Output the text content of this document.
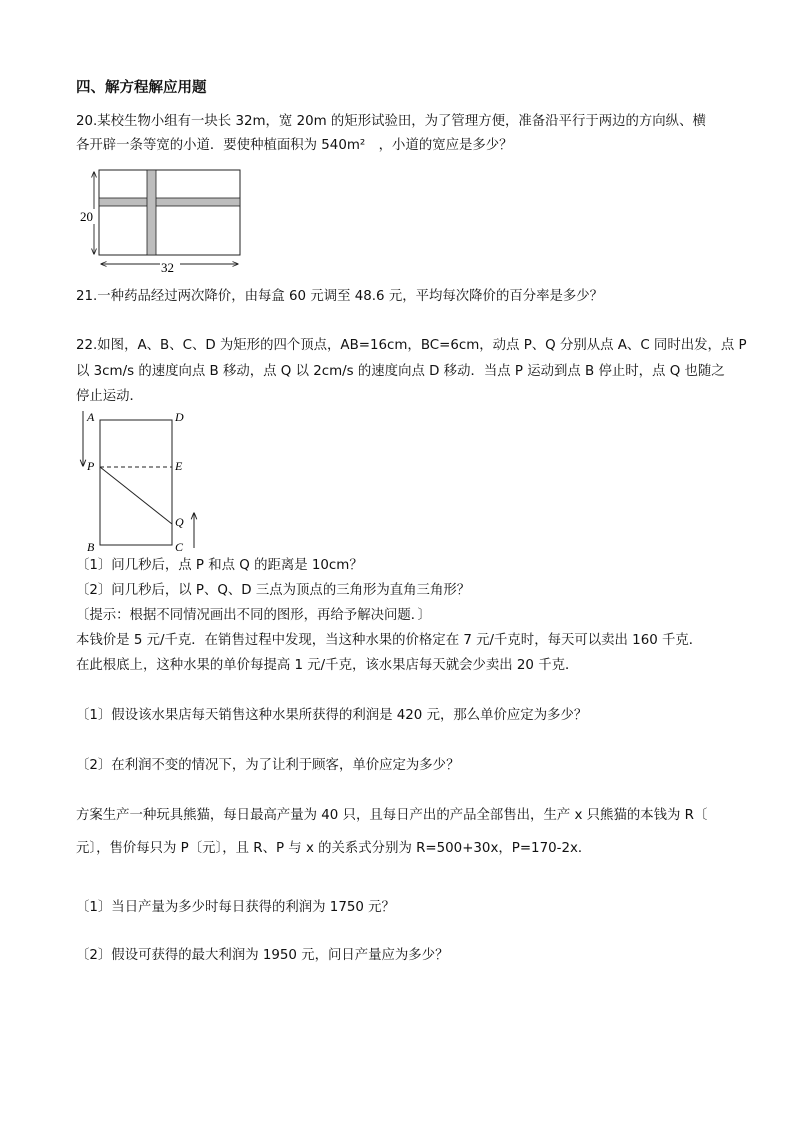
四、解方程解应用题
20.某校生物小组有一块长 32m，宽 20m 的矩形试验田，为了管理方便，准备沿平行于两边的方向纵、横
各开辟一条等宽的小道．要使种植面积为 540m²　，小道的宽应是多少？
20
32
21.一种药品经过两次降价，由每盒 60 元调至 48.6 元，平均每次降价的百分率是多少？
22.如图，A、B、C、D 为矩形的四个顶点，AB=16cm，BC=6cm，动点 P、Q 分别从点 A、C 同时出发，点 P
以 3cm/s 的速度向点 B 移动，点 Q 以 2cm/s 的速度向点 D 移动．当点 P 运动到点 B 停止时，点 Q 也随之
停止运动．
A	D
P	E
Q
B	C
〔1〕问几秒后，点 P 和点 Q 的距离是 10cm？
〔2〕问几秒后，以 P、Q、D 三点为顶点的三角形为直角三角形？
〔提示：根据不同情况画出不同的图形，再给予解决问题．〕
本钱价是 5 元/千克．在销售过程中发现，当这种水果的价格定在 7 元/千克时，每天可以卖出 160 千克．
在此根底上，这种水果的单价每提高 1 元/千克，该水果店每天就会少卖出 20 千克．
〔1〕假设该水果店每天销售这种水果所获得的利润是 420 元，那么单价应定为多少？
〔2〕在利润不变的情况下，为了让利于顾客，单价应定为多少？
方案生产一种玩具熊猫，每日最高产量为 40 只，且每日产出的产品全部售出，生产 x 只熊猫的本钱为 R〔
元〕，售价每只为 P〔元〕，且 R、P 与 x 的关系式分别为 R=500+30x，P=170-2x．
〔1〕当日产量为多少时每日获得的利润为 1750 元？
〔2〕假设可获得的最大利润为 1950 元，问日产量应为多少？
